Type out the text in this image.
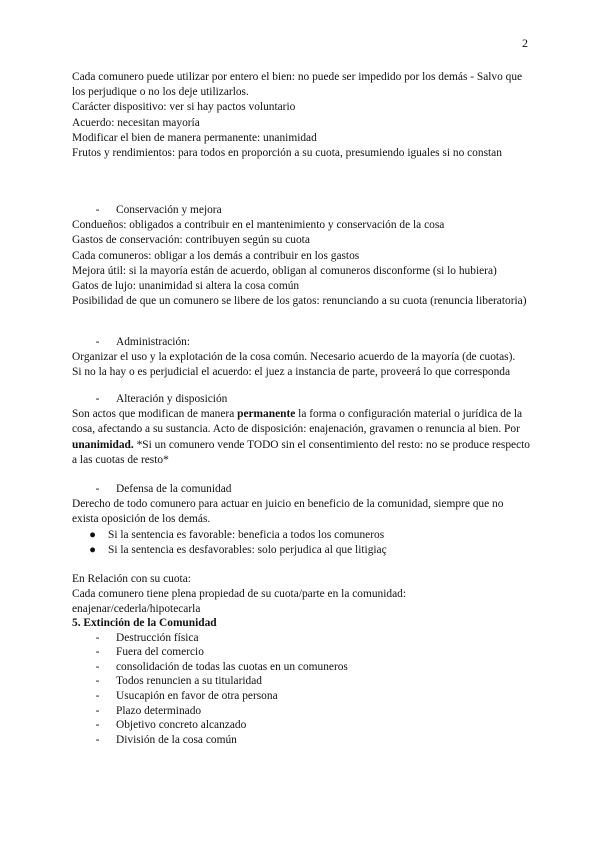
2

Cada comunero puede utilizar por entero el bien: no puede ser impedido por los demás - Salvo que los perjudique o no los deje utilizarlos.

Carácter dispositivo: ver si hay pactos voluntario

Acuerdo: necesitan mayoría

Modificar el bien de manera permanente: unanimidad

Frutos y rendimientos: para todos en proporción a su cuota, presumiendo iguales si no constan

-	Conservación y mejora

Condueños: obligados a contribuir en el mantenimiento y conservación de la cosa

Gastos de conservación: contribuyen según su cuota

Cada comuneros: obligar a los demás a contribuir en los gastos

Mejora útil: si la mayoría están de acuerdo, obligan al comuneros disconforme (si lo hubiera)

Gatos de lujo: unanimidad si altera la cosa común

Posibilidad de que un comunero se libere de los gatos: renunciando a su cuota (renuncia liberatoria)

-	Administración:

Organizar el uso y la explotación de la cosa común. Necesario acuerdo de la mayoría (de cuotas).

Si no la hay o es perjudicial el acuerdo: el juez a instancia de parte, proveerá lo que corresponda

-	Alteración y disposición

Son actos que modifican de manera permanente la forma o configuración material o jurídica de la cosa, afectando a su sustancia. Acto de disposición: enajenación, gravamen o renuncia al bien. Por unanimidad. *Si un comunero vende TODO sin el consentimiento del resto: no se produce respecto a las cuotas de resto*

-	Defensa de la comunidad

Derecho de todo comunero para actuar en juicio en beneficio de la comunidad, siempre que no exista oposición de los demás.

●	Si la sentencia es favorable: beneficia a todos los comuneros
●	Si la sentencia es desfavorables: solo perjudica al que litigiaç

En Relación con su cuota:

Cada comunero tiene plena propiedad de su cuota/parte en la comunidad: enajenar/cederla/hipotecarla

5. Extinción de la Comunidad

-	Destrucción física
-	Fuera del comercio
-	consolidación de todas las cuotas en un comuneros
-	Todos renuncien a su titularidad
-	Usucapión en favor de otra persona
-	Plazo determinado
-	Objetivo concreto alcanzado
-	División de la cosa común
